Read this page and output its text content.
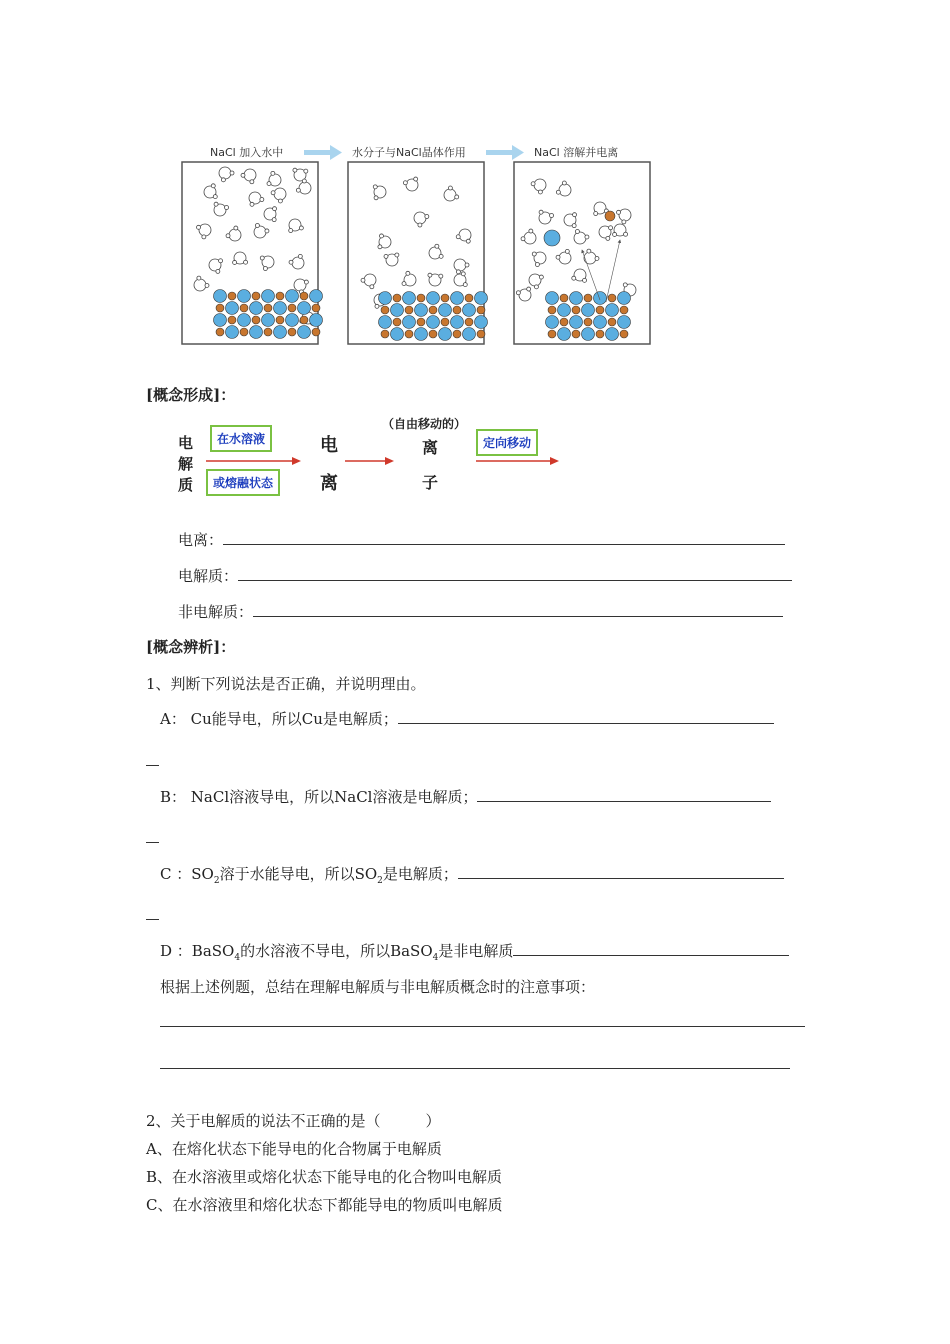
NaCl 加入水中	水分子与NaCl晶体作用	NaCl 溶解并电离
[概念形成]：
电
解
质
在水溶液
或熔融状态
电
离
（自由移动的）
离
子
定向移动
电离：
电解质：
非电解质：
[概念辨析]：
1、判断下列说法是否正确，并说明理由。
A： Cu能导电，所以Cu是电解质；
B： NaCl溶液导电，所以NaCl溶液是电解质；
C ：$SO_2$溶于水能导电，所以$SO_2$是电解质；
D ：BaSO$_4$的水溶液不导电，所以BaSO$_4$是非电解质
根据上述例题，总结在理解电解质与非电解质概念时的注意事项：
2、关于电解质的说法不正确的是（　　　）
A、在熔化状态下能导电的化合物属于电解质
B、在水溶液里或熔化状态下能导电的化合物叫电解质
C、在水溶液里和熔化状态下都能导电的物质叫电解质
